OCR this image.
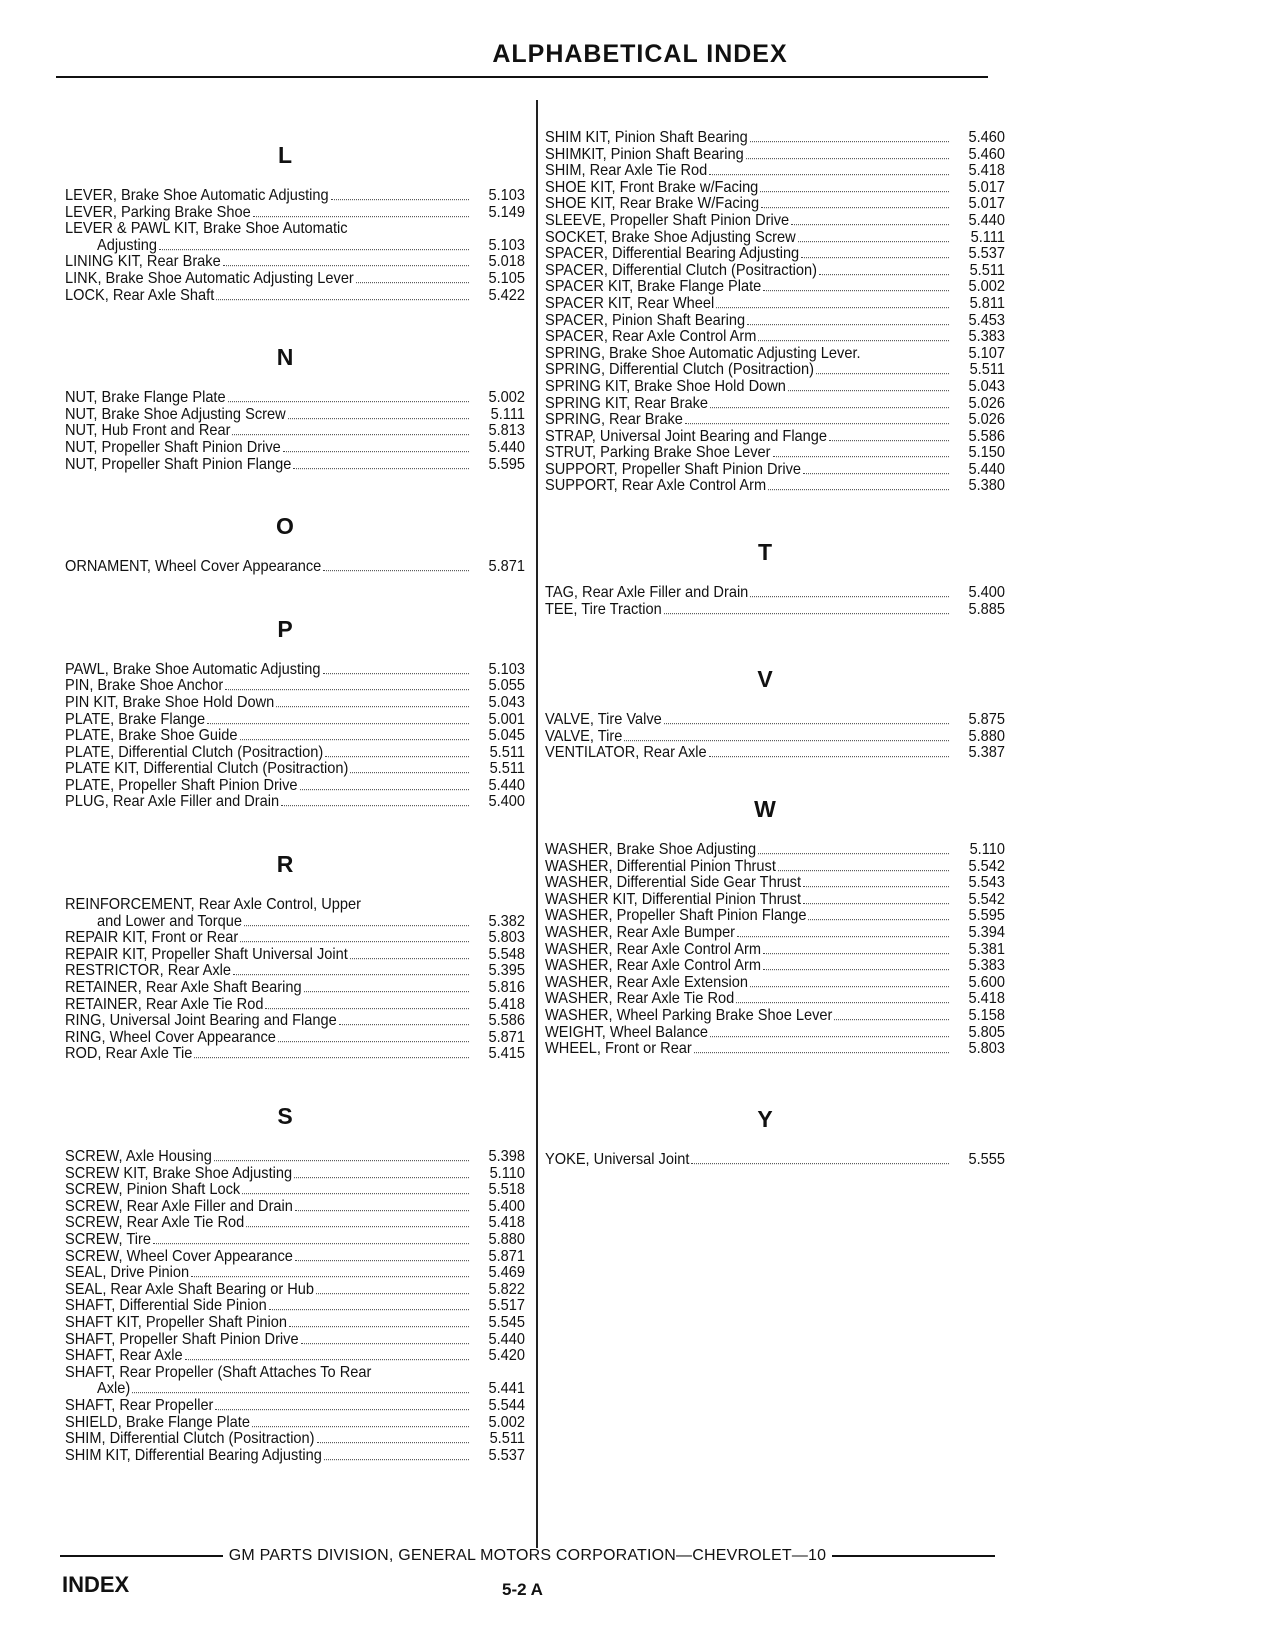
ALPHABETICAL INDEX
L
LEVER, Brake Shoe Automatic Adjusting	5.103
LEVER, Parking Brake Shoe	5.149
LEVER & PAWL KIT, Brake Shoe Automatic
Adjusting	5.103
LINING KIT, Rear Brake	5.018
LINK, Brake Shoe Automatic Adjusting Lever	5.105
LOCK, Rear Axle Shaft	5.422
N
NUT, Brake Flange Plate	5.002
NUT, Brake Shoe Adjusting Screw	5.111
NUT, Hub Front and Rear	5.813
NUT, Propeller Shaft Pinion Drive	5.440
NUT, Propeller Shaft Pinion Flange	5.595
O
ORNAMENT, Wheel Cover Appearance	5.871
P
PAWL, Brake Shoe Automatic Adjusting	5.103
PIN, Brake Shoe Anchor	5.055
PIN KIT, Brake Shoe Hold Down	5.043
PLATE, Brake Flange	5.001
PLATE, Brake Shoe Guide	5.045
PLATE, Differential Clutch (Positraction)	5.511
PLATE KIT, Differential Clutch (Positraction)	5.511
PLATE, Propeller Shaft Pinion Drive	5.440
PLUG, Rear Axle Filler and Drain	5.400
R
REINFORCEMENT, Rear Axle Control, Upper
and Lower and Torque	5.382
REPAIR KIT, Front or Rear	5.803
REPAIR KIT, Propeller Shaft Universal Joint	5.548
RESTRICTOR, Rear Axle	5.395
RETAINER, Rear Axle Shaft Bearing	5.816
RETAINER, Rear Axle Tie Rod	5.418
RING, Universal Joint Bearing and Flange	5.586
RING, Wheel Cover Appearance	5.871
ROD, Rear Axle Tie	5.415
S
SCREW, Axle Housing	5.398
SCREW KIT, Brake Shoe Adjusting	5.110
SCREW, Pinion Shaft Lock	5.518
SCREW, Rear Axle Filler and Drain	5.400
SCREW, Rear Axle Tie Rod	5.418
SCREW, Tire	5.880
SCREW, Wheel Cover Appearance	5.871
SEAL, Drive Pinion	5.469
SEAL, Rear Axle Shaft Bearing or Hub	5.822
SHAFT, Differential Side Pinion	5.517
SHAFT KIT, Propeller Shaft Pinion	5.545
SHAFT, Propeller Shaft Pinion Drive	5.440
SHAFT, Rear Axle	5.420
SHAFT, Rear Propeller (Shaft Attaches To Rear
Axle)	5.441
SHAFT, Rear Propeller	5.544
SHIELD, Brake Flange Plate	5.002
SHIM, Differential Clutch (Positraction)	5.511
SHIM KIT, Differential Bearing Adjusting	5.537
SHIM KIT, Pinion Shaft Bearing	5.460
SHIMKIT, Pinion Shaft Bearing	5.460
SHIM, Rear Axle Tie Rod	5.418
SHOE KIT, Front Brake w/Facing	5.017
SHOE KIT, Rear Brake W/Facing	5.017
SLEEVE, Propeller Shaft Pinion Drive	5.440
SOCKET, Brake Shoe Adjusting Screw	5.111
SPACER, Differential Bearing Adjusting	5.537
SPACER, Differential Clutch (Positraction)	5.511
SPACER KIT, Brake Flange Plate	5.002
SPACER KIT, Rear Wheel	5.811
SPACER, Pinion Shaft Bearing	5.453
SPACER, Rear Axle Control Arm	5.383
SPRING, Brake Shoe Automatic Adjusting Lever.	5.107
SPRING, Differential Clutch (Positraction)	5.511
SPRING KIT, Brake Shoe Hold Down	5.043
SPRING KIT, Rear Brake	5.026
SPRING, Rear Brake	5.026
STRAP, Universal Joint Bearing and Flange	5.586
STRUT, Parking Brake Shoe Lever	5.150
SUPPORT, Propeller Shaft Pinion Drive	5.440
SUPPORT, Rear Axle Control Arm	5.380
T
TAG, Rear Axle Filler and Drain	5.400
TEE, Tire Traction	5.885
V
VALVE, Tire Valve	5.875
VALVE, Tire	5.880
VENTILATOR, Rear Axle	5.387
W
WASHER, Brake Shoe Adjusting	5.110
WASHER, Differential Pinion Thrust	5.542
WASHER, Differential Side Gear Thrust	5.543
WASHER KIT, Differential Pinion Thrust	5.542
WASHER, Propeller Shaft Pinion Flange	5.595
WASHER, Rear Axle Bumper	5.394
WASHER, Rear Axle Control Arm	5.381
WASHER, Rear Axle Control Arm	5.383
WASHER, Rear Axle Extension	5.600
WASHER, Rear Axle Tie Rod	5.418
WASHER, Wheel Parking Brake Shoe Lever	5.158
WEIGHT, Wheel Balance	5.805
WHEEL, Front or Rear	5.803
Y
YOKE, Universal Joint	5.555
GM PARTS DIVISION, GENERAL MOTORS CORPORATION—CHEVROLET—10
INDEX	5-2 A
